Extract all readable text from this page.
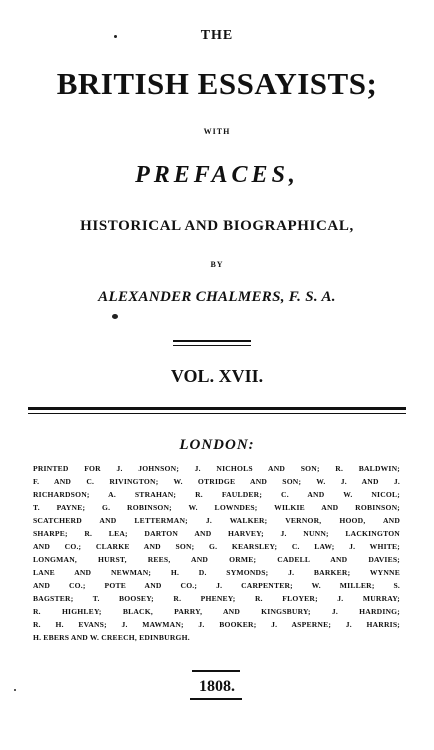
THE
BRITISH ESSAYISTS;
WITH
PREFACES,
HISTORICAL AND BIOGRAPHICAL,
BY
ALEXANDER CHALMERS, F. S. A.
VOL. XVII.
LONDON:
PRINTED FOR J. JOHNSON; J. NICHOLS AND SON; R. BALDWIN;
F. AND C. RIVINGTON; W. OTRIDGE AND SON; W. J. AND J.
RICHARDSON; A. STRAHAN; R. FAULDER; C. AND W. NICOL;
T. PAYNE; G. ROBINSON; W. LOWNDES; WILKIE AND ROBINSON;
SCATCHERD AND LETTERMAN; J. WALKER; VERNOR, HOOD, AND
SHARPE; R. LEA; DARTON AND HARVEY; J. NUNN; LACKINGTON
AND CO.; CLARKE AND SON; G. KEARSLEY; C. LAW; J. WHITE;
LONGMAN, HURST, REES, AND ORME; CADELL AND DAVIES;
LANE AND NEWMAN; H. D. SYMONDS; J. BARKER; WYNNE
AND CO.; POTE AND CO.; J. CARPENTER; W. MILLER; S.
BAGSTER; T. BOOSEY; R. PHENEY; R. FLOYER; J. MURRAY;
R. HIGHLEY; BLACK, PARRY, AND KINGSBURY; J. HARDING;
R. H. EVANS; J. MAWMAN; J. BOOKER; J. ASPERNE; J. HARRIS;
H. EBERS AND W. CREECH, EDINBURGH.
1808.
